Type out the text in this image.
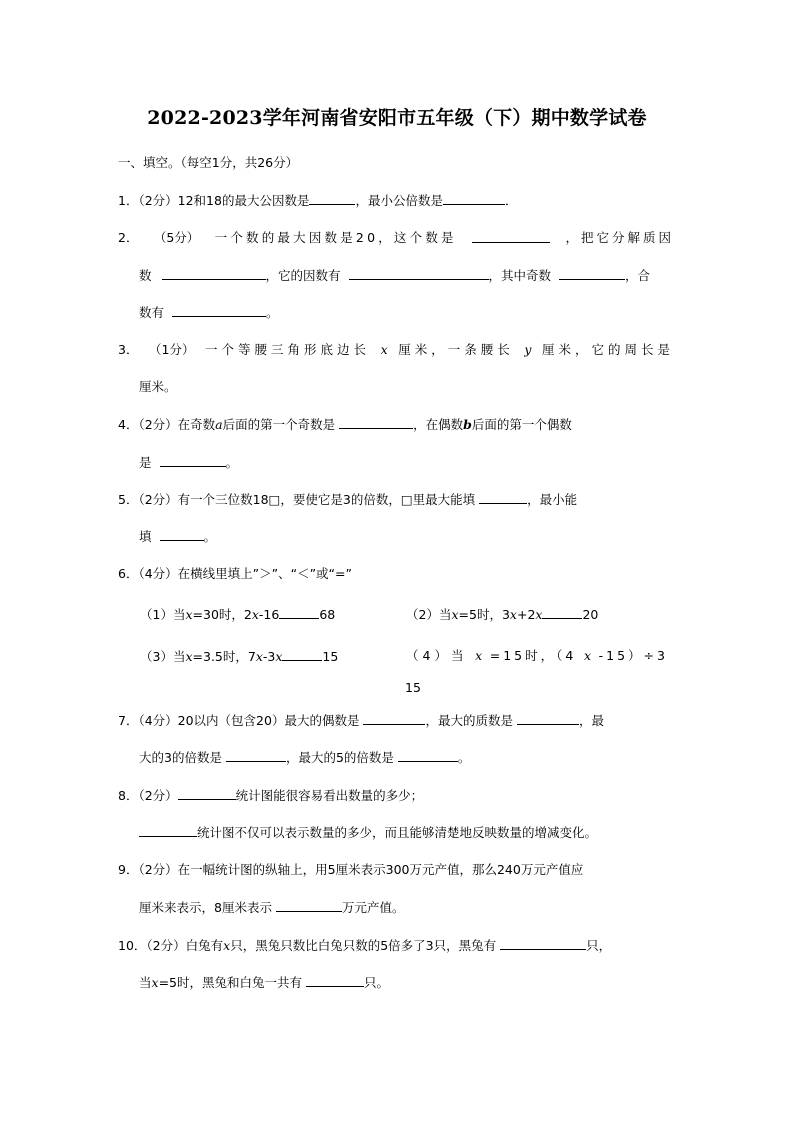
2022-2023学年河南省安阳市五年级（下）期中数学试卷
一、填空。（每空1分，共26分）
1．（2分）12和18的最大公因数是	，最小公倍数是	．
2． （5分） 一个数的最大因数是20，这个数是	，把它分解质因
数	，它的因数有	，其中奇数	，合
数有	。
3． （1分） 一个等腰三角形底边长 x 厘米，一条腰长 y 厘米，它的周长是
厘米。
4．（2分）在奇数a后面的第一个奇数是	，在偶数b后面的第一个偶数
是	。
5．（2分）有一个三位数18□，要使它是3的倍数，□里最大能填	，最小能
填	。
6．（4分）在横线里填上”＞”、“＜”或“=”
（1）当x=30时，2x-16	68	（2）当x=5时，3x+2x	20
（3）当x=3.5时，7x-3x	15	（4）当 x =15时，（4 x -15）÷3
15
7．（4分）20以内（包含20）最大的偶数是	，最大的质数是	，最
大的3的倍数是	，最大的5的倍数是	。
8．（2分）	统计图能很容易看出数量的多少；
统计图不仅可以表示数量的多少，而且能够清楚地反映数量的增减变化。
9．（2分）在一幅统计图的纵轴上，用5厘米表示300万元产值，那么240万元产值应
厘米来表示，8厘米表示	万元产值。
10．（2分）白兔有x只，黑兔只数比白兔只数的5倍多了3只，黑兔有	只，
当x=5时，黑兔和白兔一共有	只。
